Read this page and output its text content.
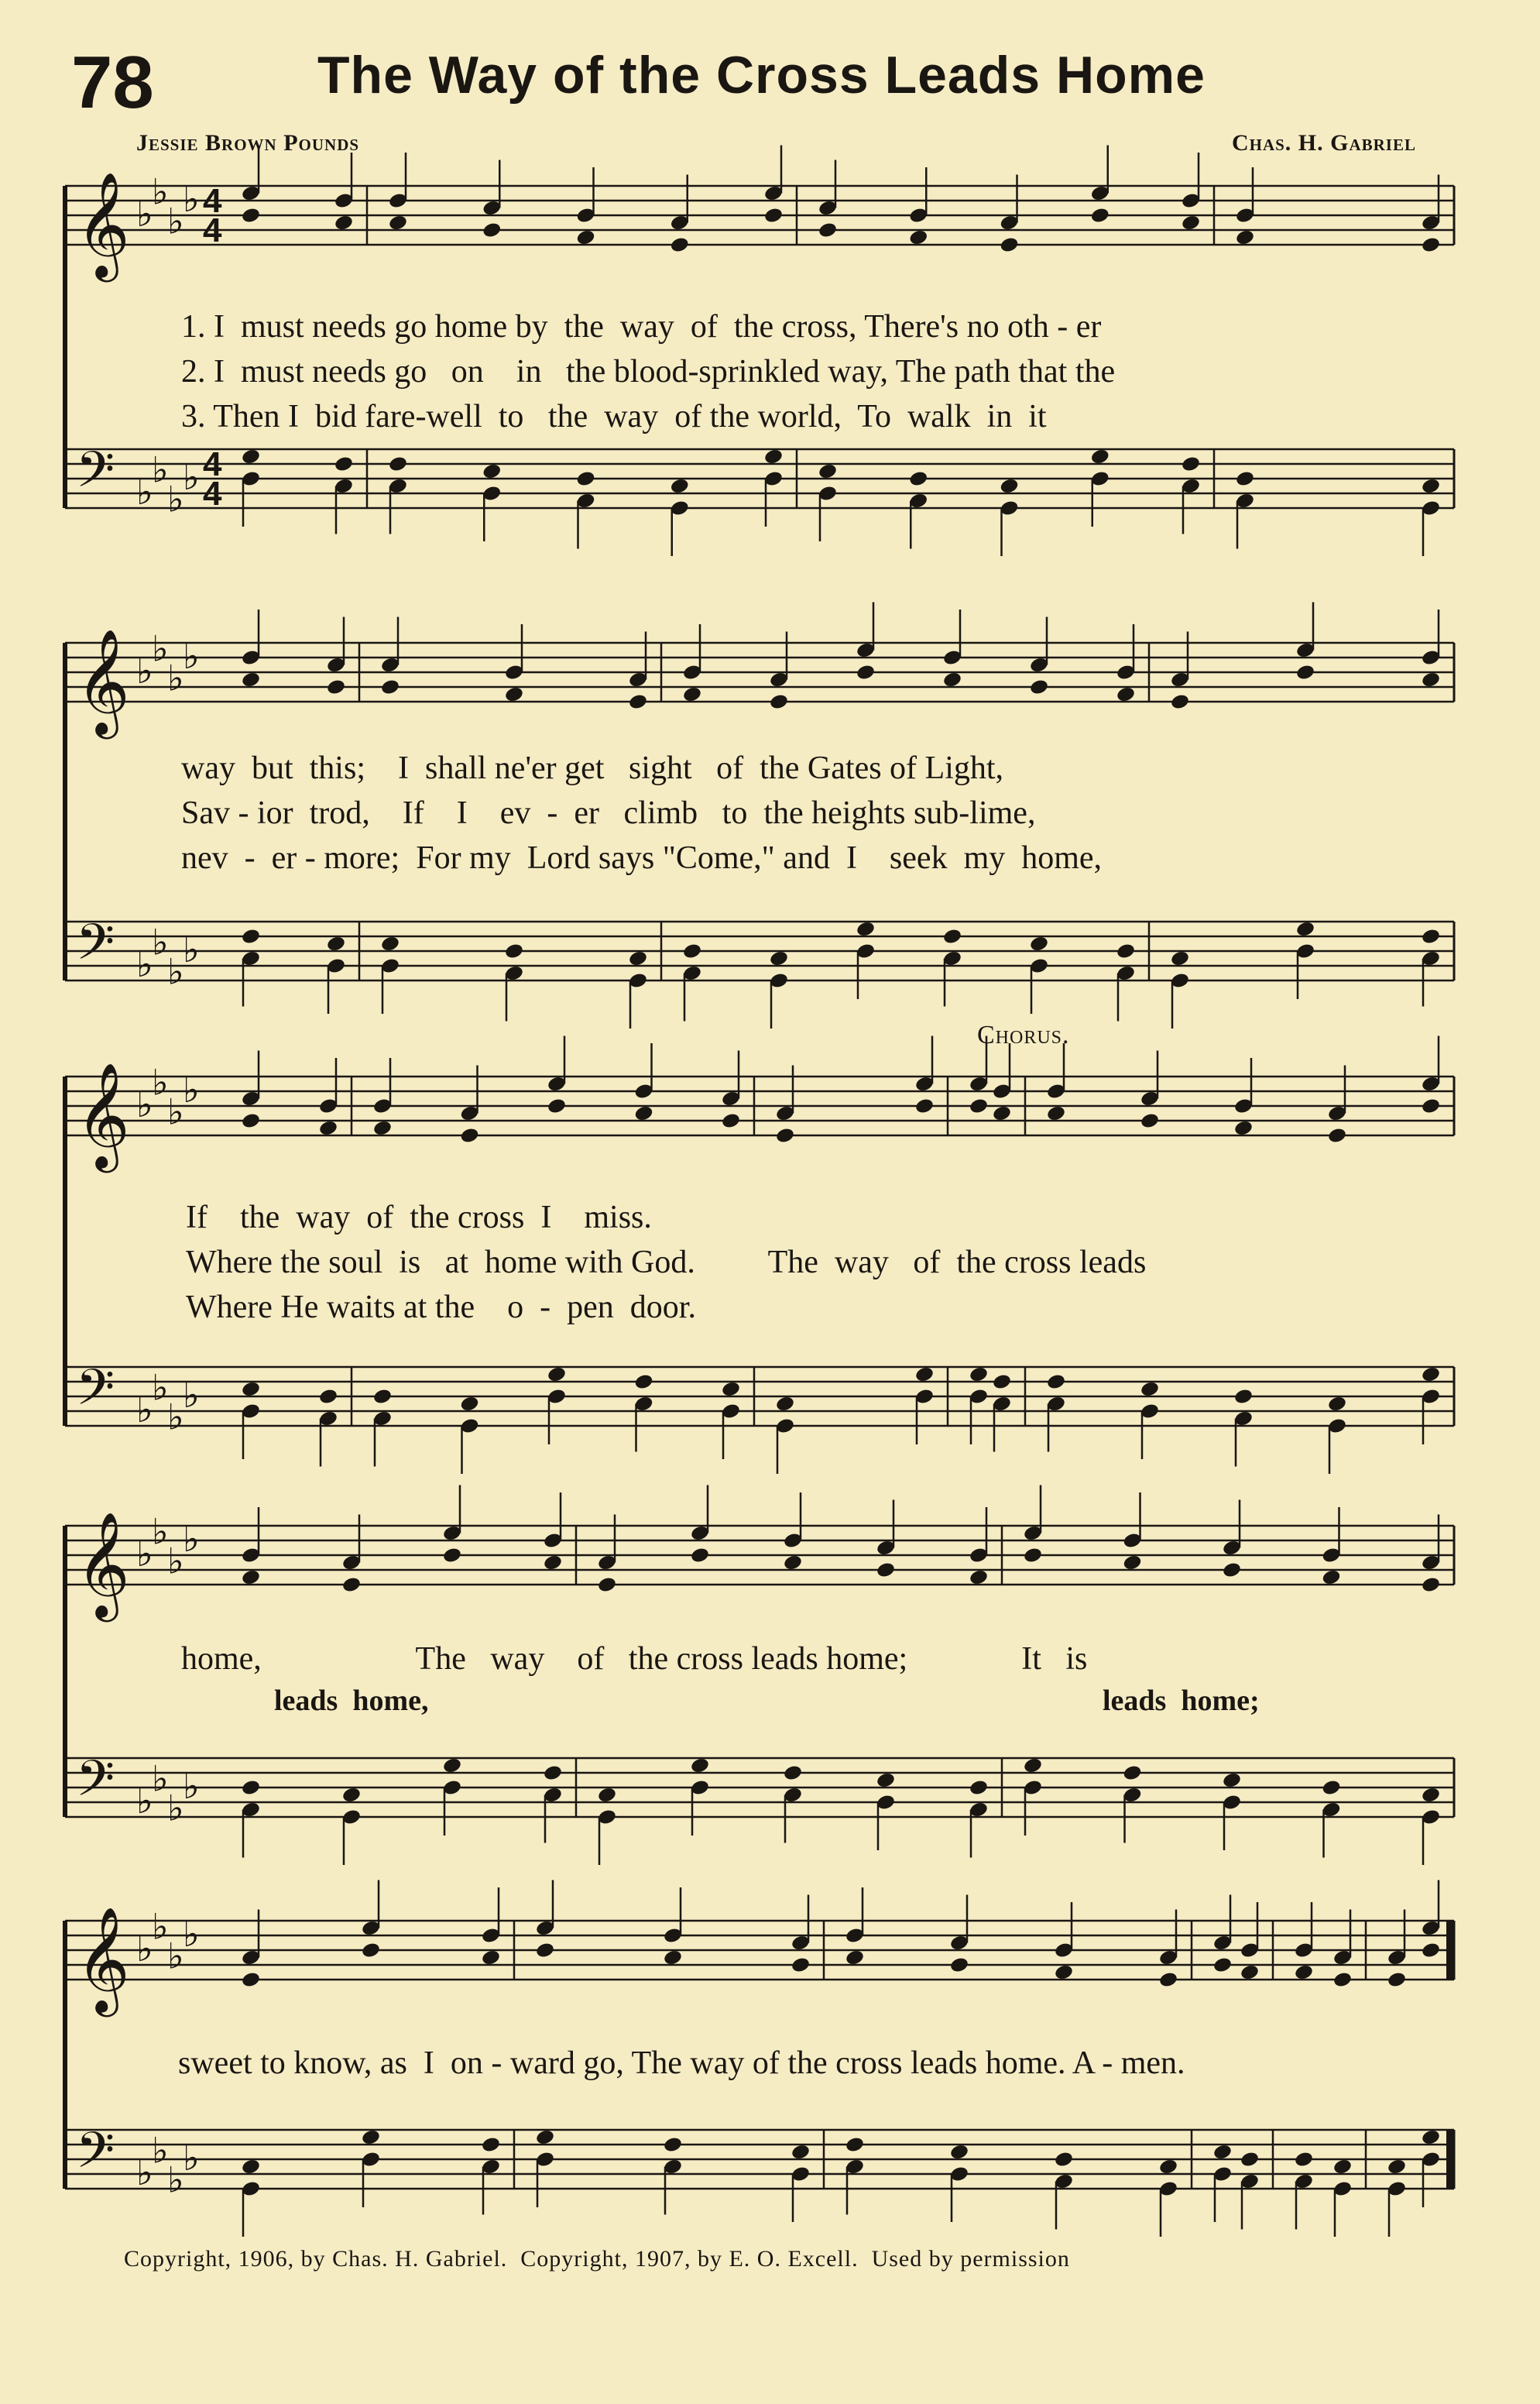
78	The Way of the Cross Leads Home
Jessie Brown Pounds	Chas. H. Gabriel
𝄞 ♭
♭
♭
♭ 4
4
𝄢 ♭
♭
♭
♭ 4
4
1. I  must needs go home by  the  way  of  the cross, There's no oth - er
2. I  must needs go   on    in   the blood-sprinkled way, The path that the
3. Then I  bid fare-well  to   the  way  of the world,  To  walk  in  it
𝄞 ♭
♭
♭
♭
𝄢 ♭
♭
♭
♭
way  but  this;    I  shall ne'er get   sight   of  the Gates of Light,
Sav - ior  trod,    If    I    ev  -  er   climb   to  the heights sub-lime,
nev  -  er - more;  For my  Lord says "Come," and  I    seek  my  home,
Chorus.
𝄞 ♭
♭
♭
♭
𝄢 ♭
♭
♭
♭
If    the  way  of  the cross  I    miss.
Where the soul  is   at  home with God.         The  way   of  the cross leads
Where He waits at the    o  -  pen  door.
𝄞 ♭
♭
♭
♭
𝄢 ♭
♭
♭
♭
home,                   The   way    of   the cross leads home;              It   is
leads  home,	leads  home;
𝄞 ♭
♭
♭
♭
𝄢 ♭
♭
♭
♭
sweet to know, as  I  on - ward go, The way of the cross leads home. A - men.
Copyright, 1906, by Chas. H. Gabriel.  Copyright, 1907, by E. O. Excell.  Used by permission
